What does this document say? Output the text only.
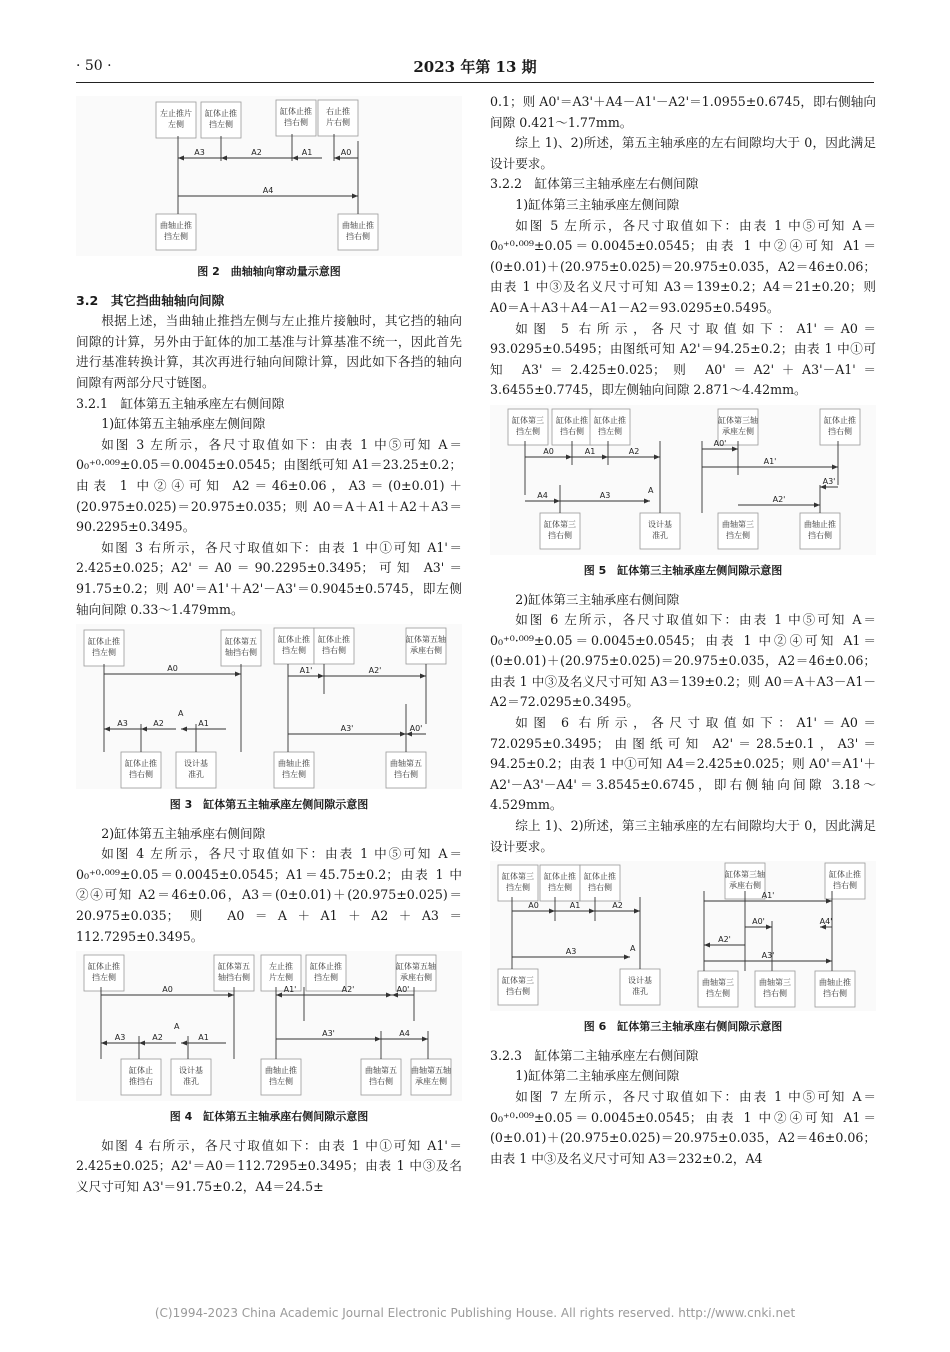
· 50 ·	2023 年第 13 期
左止推片
左侧
缸体止推
挡左侧
缸体止推
挡右侧
右止推
片右侧
曲轴止推
挡左侧
曲轴止推
挡右侧
A3	A2	A1	A0
A4
图 2　曲轴轴向窜动量示意图
3.2　其它挡曲轴轴向间隙

根据上述，当曲轴止推挡左侧与左止推片接触时，其它挡的轴向间隙的计算，另外由于缸体的加工基准与计算基准不统一，因此首先进行基准转换计算，其次再进行轴向间隙计算，因此如下各挡的轴向间隙有两部分尺寸链图。

3.2.1　缸体第五主轴承座左右侧间隙
1)缸体第五主轴承座左侧间隙

如图 3 左所示，各尺寸取值如下：由表 1 中⑤可知 A＝0₀⁺⁰·⁰⁰⁹±0.05＝0.0045±0.0545；由图纸可知 A1＝23.25±0.2；由表 1 中②④可知 A2＝46±0.06，A3＝(0±0.01)＋(20.975±0.025)＝20.975±0.035；则 A0＝A＋A1＋A2＋A3＝90.2295±0.3495。

如图 3 右所示，各尺寸取值如下：由表 1 中①可知 A1'＝2.425±0.025；A2'＝A0＝90.2295±0.3495；可知 A3'＝91.75±0.2；则 A0'＝A1'＋A2'－A3'＝0.9045±0.5745，即左侧轴向间隙 0.33～1.479mm。

缸体止推
挡左侧
缸体第五
轴挡右侧
缸体止推
挡右侧
设计基
准孔
A0
A3	A2	A1
A
缸体止推
挡左侧
缸体止推
挡右侧
缸体第五轴
承座右侧
曲轴止推
挡左侧
曲轴第五
挡右侧
A1'	A2'
A3'	A0'
图 3　缸体第五主轴承座左侧间隙示意图
2)缸体第五主轴承座右侧间隙

如图 4 左所示，各尺寸取值如下：由表 1 中⑤可知 A＝0₀⁺⁰·⁰⁰⁹±0.05＝0.0045±0.0545；A1＝45.75±0.2；由表 1 中②④可知 A2＝46±0.06，A3＝(0±0.01)＋(20.975±0.025)＝20.975±0.035；则 A0＝A＋A1＋A2＋A3＝112.7295±0.3495。

缸体止推
挡左侧
缸体第五
轴挡右侧
缸体止
推挡右
设计基
准孔
A0
A3	A2	A1
A
左止推
片左侧
缸体止推
挡左侧
缸体第五轴
承座右侧
曲轴止推
挡左侧
曲轴第五
挡右侧
曲轴第五轴
承座左侧
A1'	A2'	A0'
A3'	A4
图 4　缸体第五主轴承座右侧间隙示意图

如图 4 右所示，各尺寸取值如下：由表 1 中①可知 A1'＝2.425±0.025；A2'＝A0＝112.7295±0.3495；由表 1 中③及名义尺寸可知 A3'＝91.75±0.2，A4＝24.5±

0.1；则 A0'＝A3'＋A4－A1'－A2'＝1.0955±0.6745，即右侧轴向间隙 0.421～1.77mm。

综上 1)、2)所述，第五主轴承座的左右间隙均大于 0，因此满足设计要求。

3.2.2　缸体第三主轴承座左右侧间隙
1)缸体第三主轴承座左侧间隙

如图 5 左所示，各尺寸取值如下：由表 1 中⑤可知 A＝0₀⁺⁰·⁰⁰⁹±0.05＝0.0045±0.0545；由表 1 中②④可知 A1＝(0±0.01)＋(20.975±0.025)＝20.975±0.035，A2＝46±0.06；由表 1 中③及名义尺寸可知 A3＝139±0.2；A4＝21±0.20；则 A0＝A＋A3＋A4－A1－A2＝93.0295±0.5495。

如图 5 右所示，各尺寸取值如下：A1'＝A0＝93.0295±0.5495；由图纸可知 A2'＝94.25±0.2；由表 1 中①可知 A3'＝2.425±0.025；则 A0'＝A2'＋A3'－A1'＝3.6455±0.7745，即左侧轴向间隙 2.871～4.42mm。

缸体第三
挡左侧
缸体止推
挡右侧
缸体止推
挡左侧
缸体第三
挡右侧
设计基
准孔
A0	A1	A2
A4	A3
A
缸体第三轴
承座左侧
缸体止推
挡右侧
曲轴第三
挡左侧
曲轴止推
挡右侧
A0'
A1'
A3'
A2'
图 5　缸体第三主轴承座左侧间隙示意图
2)缸体第三主轴承座右侧间隙

如图 6 左所示，各尺寸取值如下：由表 1 中⑤可知 A＝0₀⁺⁰·⁰⁰⁹±0.05＝0.0045±0.0545；由表 1 中②④可知 A1＝(0±0.01)＋(20.975±0.025)＝20.975±0.035，A2＝46±0.06；由表 1 中③及名义尺寸可知 A3＝139±0.2；则 A0＝A＋A3－A1－A2＝72.0295±0.3495。

如图 6 右所示，各尺寸取值如下：A1'＝A0＝72.0295±0.3495；由图纸可知 A2'＝28.5±0.1，A3'＝94.25±0.2；由表 1 中①可知 A4＝2.425±0.025；则 A0'＝A1'＋A2'－A3'－A4'＝3.8545±0.6745，即右侧轴向间隙 3.18～4.529mm。

综上 1)、2)所述，第三主轴承座的左右间隙均大于 0，因此满足设计要求。

缸体第三
挡左侧
缸体止推
挡左侧
缸体止推
挡右侧
缸体第三
挡右侧
设计基
准孔
A0	A1	A2
A3	A
缸体第三轴
承座右侧
缸体止推
挡右侧
曲轴第三
挡左侧
曲轴第三
挡右侧
曲轴止推
挡右侧
A1'
A0'	A4'
A2'
A3'
图 6　缸体第三主轴承座右侧间隙示意图
3.2.3　缸体第二主轴承座左右侧间隙
1)缸体第二主轴承座左侧间隙

如图 7 左所示，各尺寸取值如下：由表 1 中⑤可知 A＝0₀⁺⁰·⁰⁰⁹±0.05＝0.0045±0.0545；由表 1 中②④可知 A1＝(0±0.01)＋(20.975±0.025)＝20.975±0.035，A2＝46±0.06；由表 1 中③及名义尺寸可知 A3＝232±0.2，A4

(C)1994-2023 China Academic Journal Electronic Publishing House. All rights reserved. http://www.cnki.net
